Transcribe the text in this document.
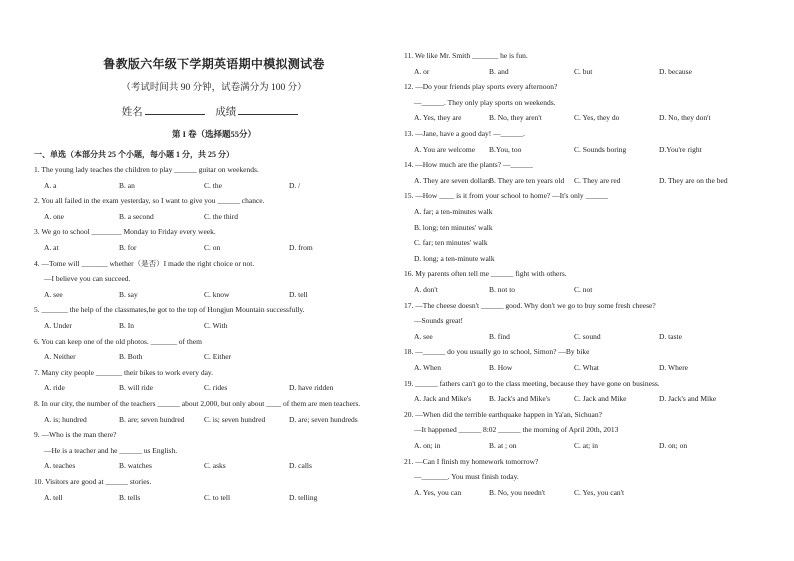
鲁教版六年级下学期英语期中模拟测试卷
（考试时间共 90 分钟，试卷满分为 100 分）
姓名	成绩
第 I 卷（选择题55分）
一、单选（本部分共 25 个小题，每小题 1 分，共 25 分）
1. The young lady teaches the children to play ______ guitar on weekends.
A. a	B. an	C. the	D. /
2. You all failed in the exam yesterday, so I want to give you ______ chance.
A. one	B. a second	C. the third
3. We go to school ________ Monday to Friday every week.
A. at	B. for	C. on	D. from
4. —Tome will _______ whether（是否）I made the right choice or not.
—I believe you can succeed.
A. see	B. say	C. know	D. tell
5. _______ the help of the classmates,he got to the top of Hongjun Mountain successfully.
A. Under	B. In	C. With
6. You can keep one of the old photos. _______ of them
A. Neither	B. Both	C. Either
7. Many city people _______ their bikes to work every day.
A. ride	B. will ride	C. rides	D. have ridden
8. In our city, the number of the teachers ______ about 2,000, but only about ____ of them are men teachers.
A. is; hundred	B. are; seven hundred	C. is; seven hundred	D. are; seven hundreds
9. —Who is the man there?
—He is a teacher and he ______ us English.
A. teaches	B. watches	C. asks	D. calls
10. Visitors are good at ______ stories.
A. tell	B. tells	C. to tell	D. telling
11. We like Mr. Smith _______ he is fun.
A. or	B. and	C. but	D. because
12. —Do your friends play sports every afternoon?
—______. They only play sports on weekends.
A. Yes, they are	B. No, they aren't	C. Yes, they do	D. No, they don't
13. —Jane, have a good day! —______.
A. You are welcome B.You, too	C. Sounds boring	D.You're right
14. —How much are the plants? —______
A. They are seven dollars
B. They are ten years old C. They are red	D. They are on the bed
15. —How ____ is it from your school to home? —It's only ______
A. far; a ten-minutes walk
B. long; ten minutes' walk
C. far; ten minutes' walk
D. long; a ten-minute walk
16. My parents often tell me ______ fight with others.
A. don't	B. not to	C. not
17. —The cheese doesn't ______ good. Why don't we go to buy some fresh cheese?
—Sounds great!
A. see	B. find	C. sound	D. taste
18. —______ do you usually go to school, Simon? —By bike
A. When	B. How	C. What	D. Where
19. ______ fathers can't go to the class meeting, because they have gone on business.
A. Jack and Mike's B. Jack's and Mike's	C. Jack and Mike	D. Jack's and Mike
20. —When did the terrible earthquake happen in Ya'an, Sichuan?
—It happened ______ 8:02 ______ the morning of April 20th, 2013
A. on; in	B. at ; on	C. at; in	D. on; on
21. —Can I finish my homework tomorrow?
—_______. You must finish today.
A. Yes, you can	B. No, you needn't	C. Yes, you can't
